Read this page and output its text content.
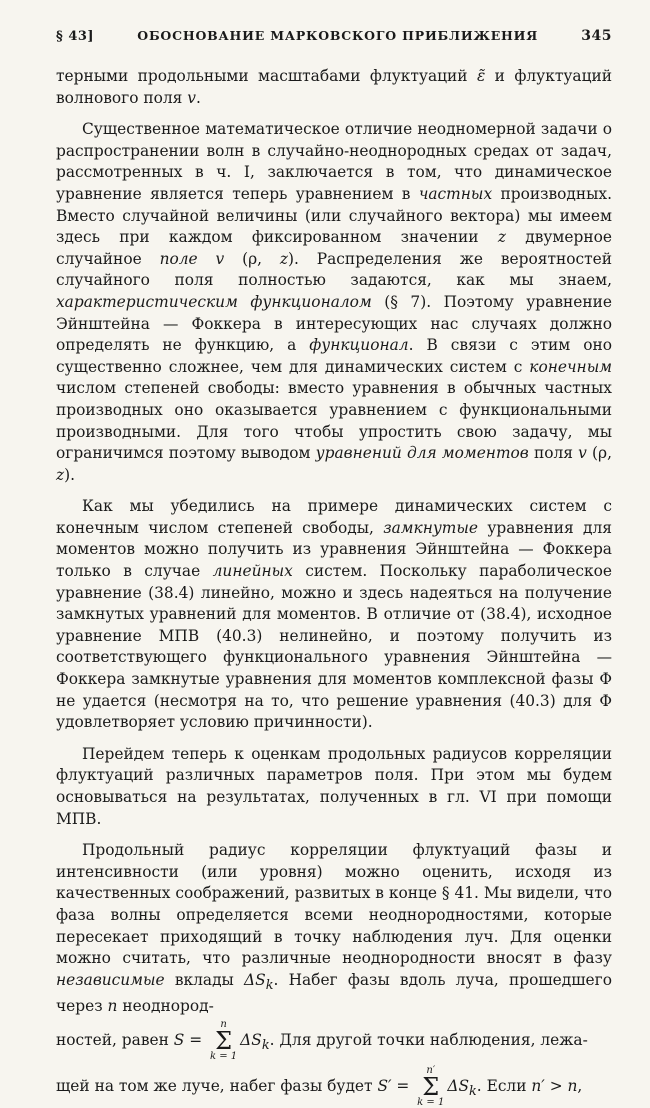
§ 43]	ОБОСНОВАНИЕ МАРКОВСКОГО ПРИБЛИЖЕНИЯ	345

терными продольными масштабами флуктуаций ε̃ и флуктуаций волнового поля v.

Существенное математическое отличие неодномерной задачи о распространении волн в случайно-неоднородных средах от задач, рассмотренных в ч. I, заключается в том, что динамическое уравнение является теперь уравнением в частных производных. Вместо случайной величины (или случайного вектора) мы имеем здесь при каждом фиксированном значении z двумерное случайное поле v (ρ, z). Распределения же вероятностей случайного поля полностью задаются, как мы знаем, характеристическим функционалом (§ 7). Поэтому уравнение Эйнштейна — Фоккера в интересующих нас случаях должно определять не функцию, а функционал. В связи с этим оно существенно сложнее, чем для динамических систем с конечным числом степеней свободы: вместо уравнения в обычных частных производных оно оказывается уравнением с функциональными производными. Для того чтобы упростить свою задачу, мы ограничимся поэтому выводом уравнений для моментов поля v (ρ, z).

Как мы убедились на примере динамических систем с конечным числом степеней свободы, замкнутые уравнения для моментов можно получить из уравнения Эйнштейна — Фоккера только в случае линейных систем. Поскольку параболическое уравнение (38.4) линейно, можно и здесь надеяться на получение замкнутых уравнений для моментов. В отличие от (38.4), исходное уравнение МПВ (40.3) нелинейно, и поэтому получить из соответствующего функционального уравнения Эйнштейна — Фоккера замкнутые уравнения для моментов комплексной фазы Φ не удается (несмотря на то, что решение уравнения (40.3) для Φ удовлетворяет условию причинности).

Перейдем теперь к оценкам продольных радиусов корреляции флуктуаций различных параметров поля. При этом мы будем основываться на результатах, полученных в гл. VI при помощи МПВ.

Продольный радиус корреляции флуктуаций фазы и интенсивности (или уровня) можно оценить, исходя из качественных соображений, развитых в конце § 41. Мы видели, что фаза волны определяется всеми неоднородностями, которые пересекает приходящий в точку наблюдения луч. Для оценки можно считать, что различные неоднородности вносят в фазу независимые вклады $\Delta S_k$. Набег фазы вдоль луча, прошедшего через n неоднород-

ностей, равен S =
n
Σ
k = 1
$\Delta S_k$. Для другой точки наблюдения, лежа-
щей на том же луче, набег фазы будет S′ =
n′
Σ
k = 1
$\Delta S_k$. Если n′ > n,
